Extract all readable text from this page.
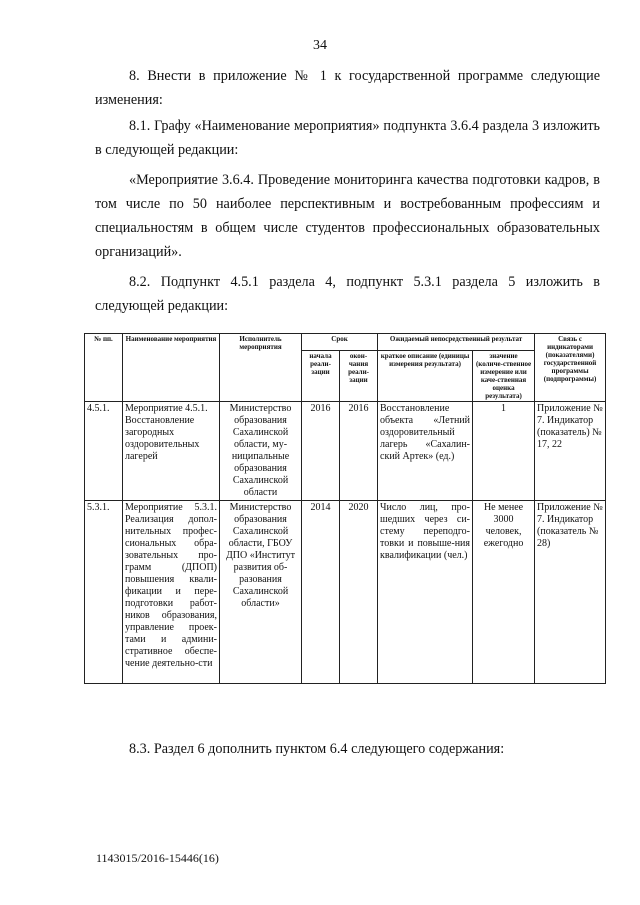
34
8. Внести в приложение № 1 к государственной программе следующие изменения:
8.1. Графу «Наименование мероприятия» подпункта 3.6.4 раздела 3 изложить в следующей редакции:
«Мероприятие 3.6.4. Проведение мониторинга качества подготовки кадров, в том числе по 50 наиболее перспективным и востребованным профессиям и специальностям в общем числе студентов профессиональных образовательных организаций».
8.2. Подпункт 4.5.1 раздела 4, подпункт 5.3.1 раздела 5 изложить в следующей редакции:
№ пп.	Наименование мероприятия	Исполнитель мероприятия	Срок		Ожидаемый непосредственный результат		Связь с индикаторами (показателями) государственной программы (подпрограммы)
			начала реали-зации	окон-чания реали-зации	краткое описание (единицы измерения результата)	значение (количе-ственное измерение или каче-ственная оценка результата)	
4.5.1.	Мероприятие 4.5.1. Восстановление загородных оздоровительных лагерей	Министерство образования Сахалинской области, му-ниципальные образования Сахалинской области	2016	2016	Восстановление объекта «Летний оздоровительный лагерь «Сахалин-ский Артек» (ед.)	1	Приложение № 7. Индикатор (показатель) № 17, 22
5.3.1.	Мероприятие 5.3.1. Реализация допол-нительных профес-сиональных обра-зовательных про-грамм (ДПОП) повышения квали-фикации и пере-подготовки работ-ников образования, управление проек-тами и админи-стративное обеспе-чение деятельно-сти	Министерство образования Сахалинской области, ГБОУ ДПО «Институт развития об-разования Сахалинской области»	2014	2020	Число лиц, про-шедших через си-стему переподго-товки и повыше-ния квалификации (чел.)	Не менее 3000 человек, ежегодно	Приложение № 7. Индикатор (показатель № 28)
8.3. Раздел 6 дополнить пунктом 6.4 следующего содержания:
1143015/2016-15446(16)
